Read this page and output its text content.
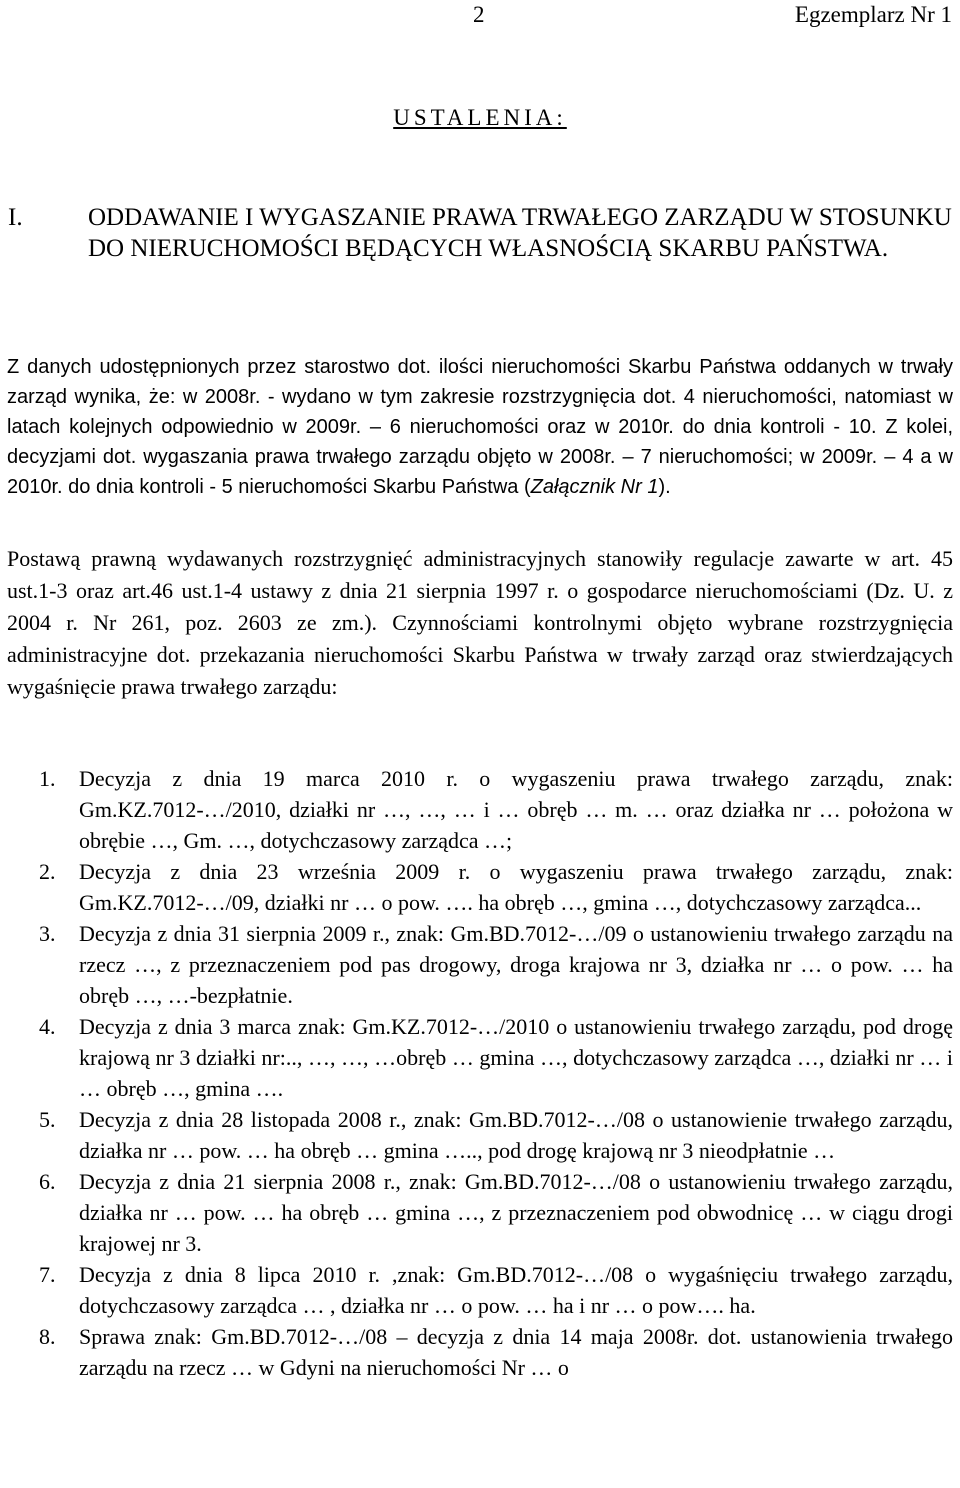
2	Egzemplarz Nr 1
USTALENIA:
I.	ODDAWANIE I WYGASZANIE PRAWA TRWAŁEGO ZARZĄDU W STOSUNKU DO NIERUCHOMOŚCI BĘDĄCYCH WŁASNOŚCIĄ SKARBU PAŃSTWA.
Z danych udostępnionych przez starostwo dot. ilości nieruchomości Skarbu Państwa oddanych w trwały zarząd wynika, że: w 2008r. - wydano w tym zakresie rozstrzygnięcia dot. 4 nieruchomości, natomiast w latach kolejnych odpowiednio w 2009r. – 6 nieruchomości oraz w 2010r. do dnia kontroli - 10. Z kolei, decyzjami dot. wygaszania prawa trwałego zarządu objęto w 2008r. – 7 nieruchomości; w 2009r. – 4 a w 2010r. do dnia kontroli - 5 nieruchomości Skarbu Państwa (Załącznik Nr 1).
Postawą prawną wydawanych rozstrzygnięć administracyjnych stanowiły regulacje zawarte w art. 45 ust.1-3 oraz art.46 ust.1-4 ustawy z dnia 21 sierpnia 1997 r. o gospodarce nieruchomościami (Dz. U. z 2004 r. Nr 261, poz. 2603 ze zm.). Czynnościami kontrolnymi objęto wybrane rozstrzygnięcia administracyjne dot. przekazania nieruchomości Skarbu Państwa w trwały zarząd oraz stwierdzających wygaśnięcie prawa trwałego zarządu:
1. Decyzja z dnia 19 marca 2010 r. o wygaszeniu prawa trwałego zarządu, znak: Gm.KZ.7012-…/2010, działki nr …, …, … i … obręb … m. … oraz działka nr … położona w obrębie …, Gm. …, dotychczasowy zarządca …;
2. Decyzja z dnia 23 września 2009 r. o wygaszeniu prawa trwałego zarządu, znak: Gm.KZ.7012-…/09, działki nr … o pow. …. ha obręb …, gmina …, dotychczasowy zarządca...
3. Decyzja z dnia 31 sierpnia 2009 r., znak: Gm.BD.7012-…/09 o ustanowieniu trwałego zarządu na rzecz …, z przeznaczeniem pod pas drogowy, droga krajowa nr 3, działka nr … o pow. … ha obręb …, …-bezpłatnie.
4. Decyzja z dnia 3 marca znak: Gm.KZ.7012-…/2010 o ustanowieniu trwałego zarządu, pod drogę krajową nr 3 działki nr:.., …, …, …obręb … gmina …, dotychczasowy zarządca …, działki nr … i … obręb …, gmina ….
5. Decyzja z dnia 28 listopada 2008 r., znak: Gm.BD.7012-…/08 o ustanowienie trwałego zarządu, działka nr … pow. … ha obręb … gmina ….., pod drogę krajową nr 3 nieodpłatnie …
6. Decyzja z dnia 21 sierpnia 2008 r., znak: Gm.BD.7012-…/08 o ustanowieniu trwałego zarządu, działka nr … pow. … ha obręb … gmina …, z przeznaczeniem pod obwodnicę … w ciągu drogi krajowej nr 3.
7. Decyzja z dnia 8 lipca 2010 r. ,znak: Gm.BD.7012-…/08 o wygaśnięciu trwałego zarządu, dotychczasowy zarządca … , działka nr … o pow. … ha i nr … o pow…. ha.
8. Sprawa znak: Gm.BD.7012-…/08 – decyzja z dnia 14 maja 2008r. dot. ustanowienia trwałego zarządu na rzecz … w Gdyni na nieruchomości Nr … o
